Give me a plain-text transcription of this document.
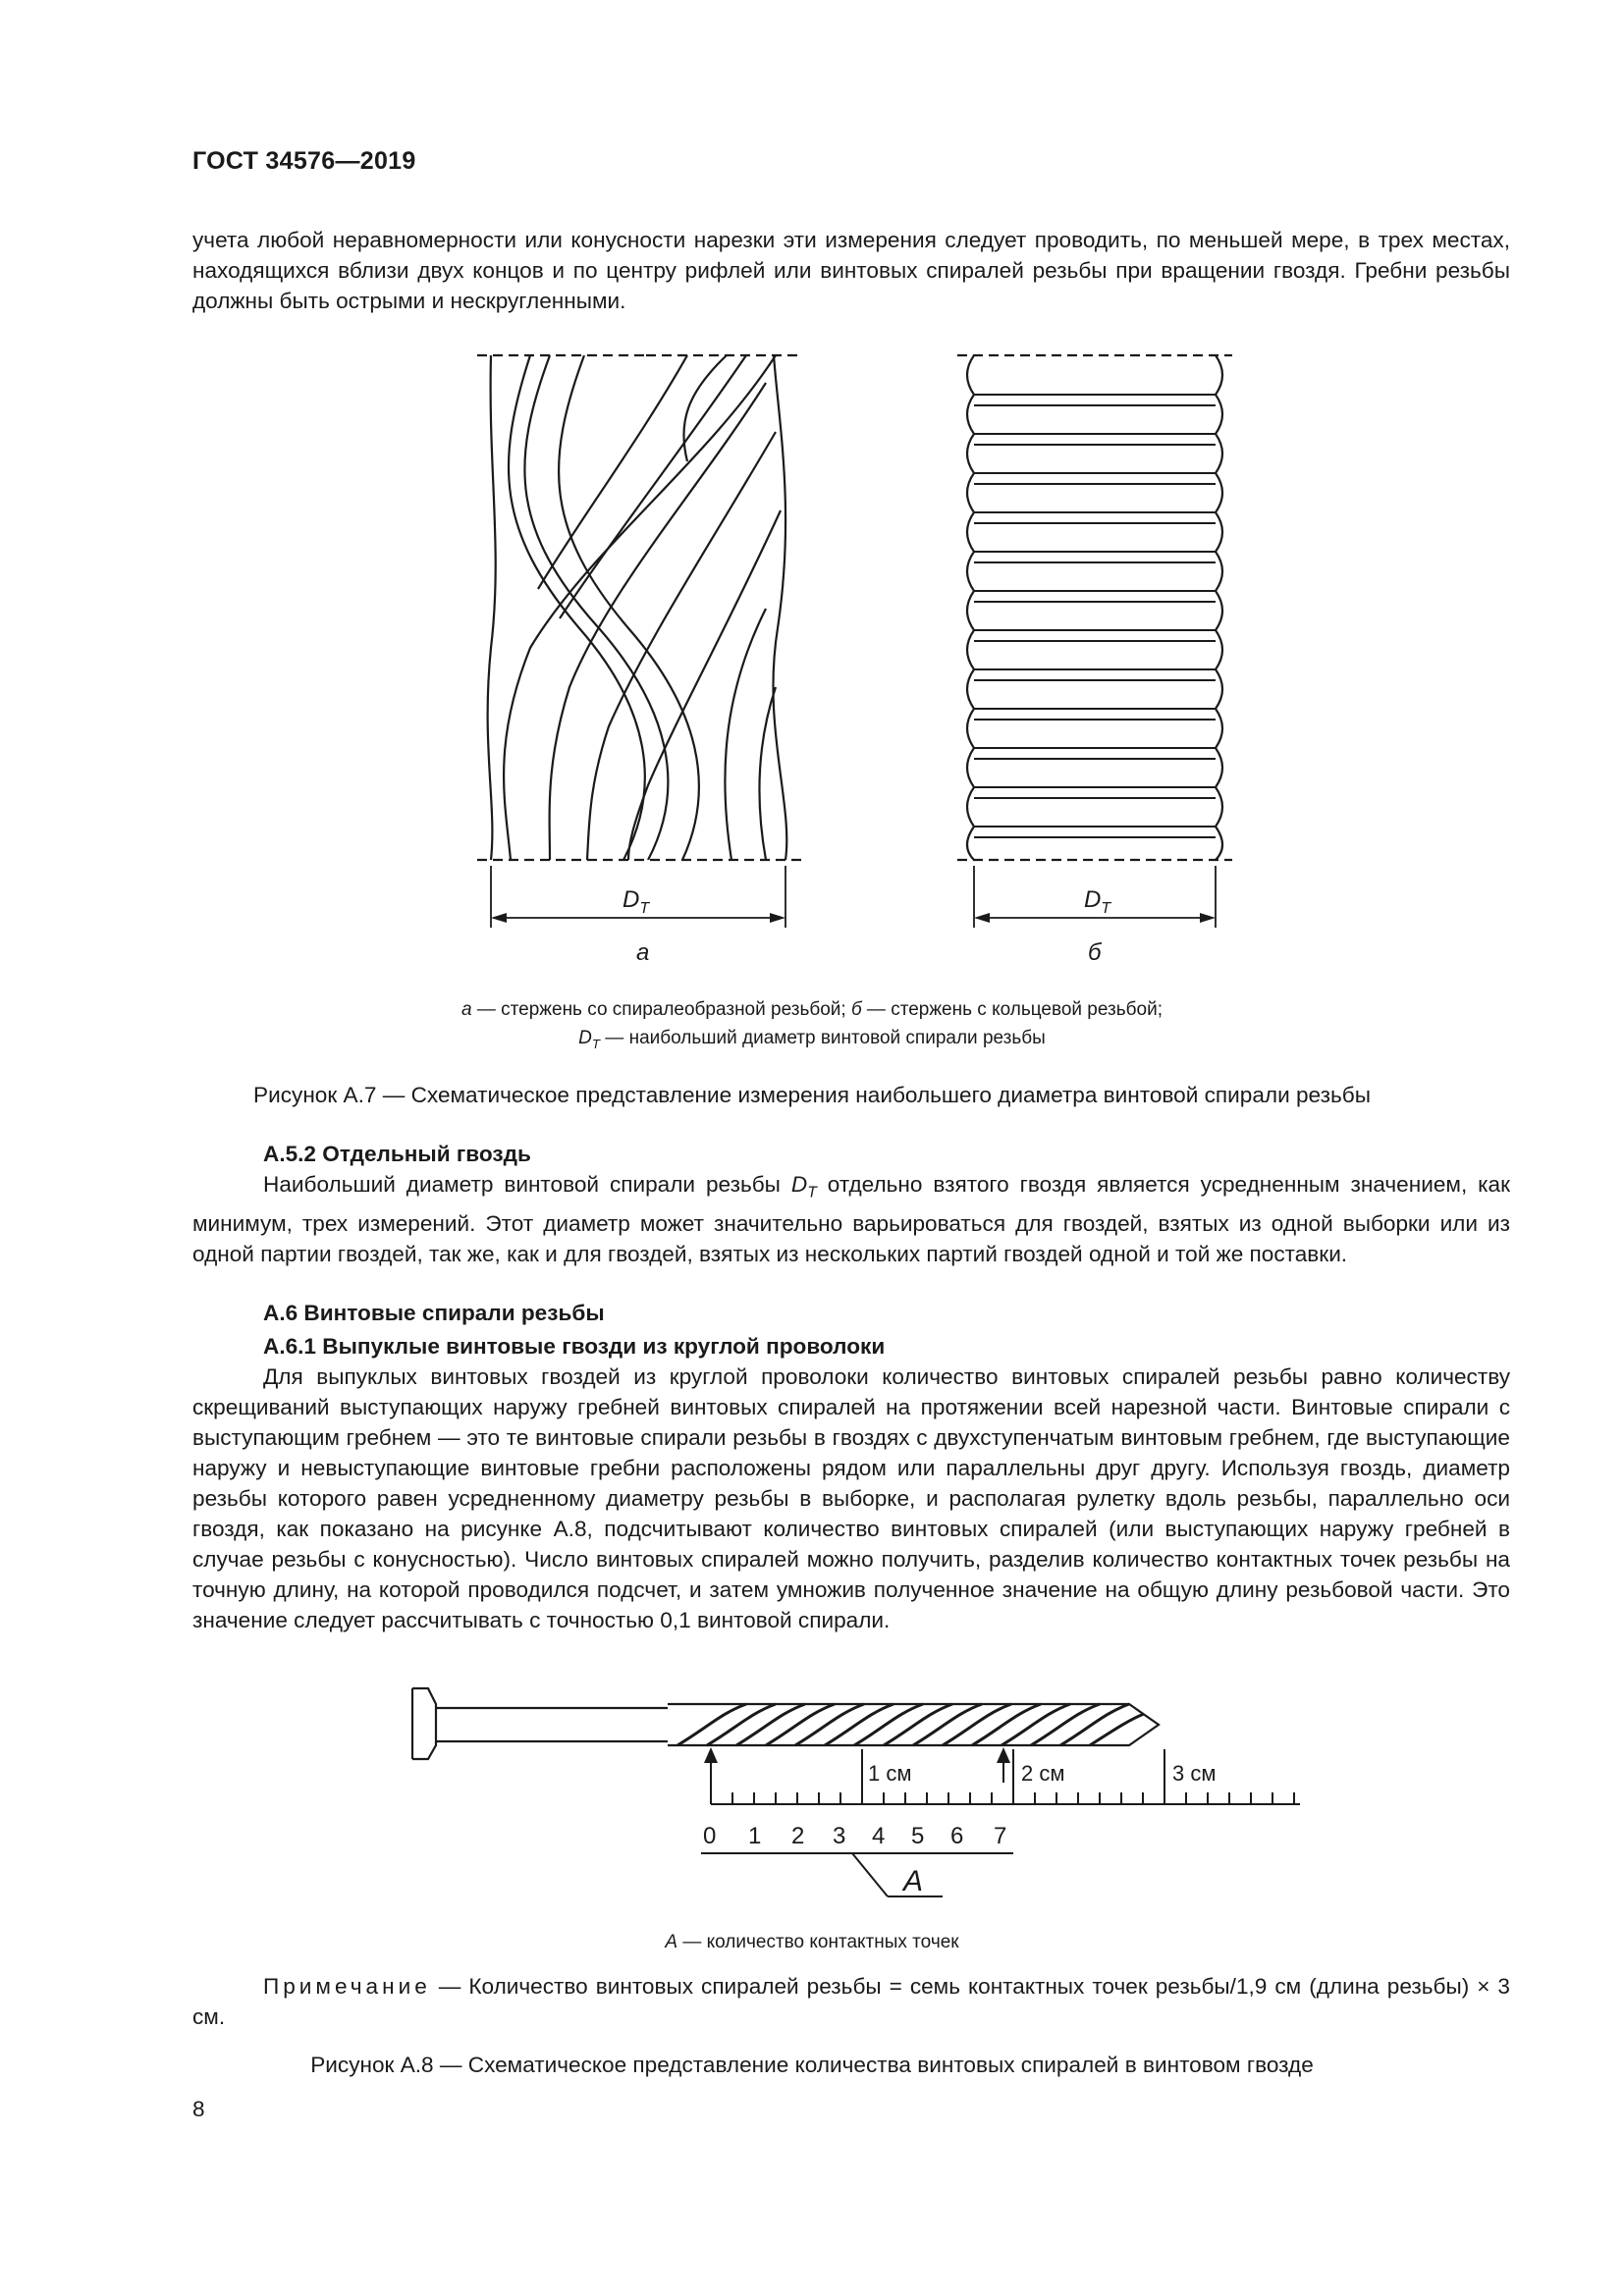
ГОСТ 34576—2019
учета любой неравномерности или конусности нарезки эти измерения следует проводить, по меньшей мере, в трех местах, находящихся вблизи двух концов и по центру рифлей или винтовых спиралей резьбы при вращении гвоздя. Гребни резьбы должны быть острыми и нескругленными.
$D_T$	$D_T$
а	б
а — стержень со спиралеобразной резьбой; б — стержень с кольцевой резьбой;
$D_T$ — наибольший диаметр винтовой спирали резьбы
Рисунок А.7 — Схематическое представление измерения наибольшего диаметра винтовой спирали резьбы
А.5.2 Отдельный гвоздь
Наибольший диаметр винтовой спирали резьбы $D_T$ отдельно взятого гвоздя является усредненным значением, как минимум, трех измерений. Этот диаметр может значительно варьироваться для гвоздей, взятых из одной выборки или из одной партии гвоздей, так же, как и для гвоздей, взятых из нескольких партий гвоздей одной и той же поставки.
А.6 Винтовые спирали резьбы
А.6.1 Выпуклые винтовые гвозди из круглой проволоки
Для выпуклых винтовых гвоздей из круглой проволоки количество винтовых спиралей резьбы равно количеству скрещиваний выступающих наружу гребней винтовых спиралей на протяжении всей нарезной части. Винтовые спирали с выступающим гребнем — это те винтовые спирали резьбы в гвоздях с двухступенчатым винтовым гребнем, где выступающие наружу и невыступающие винтовые гребни расположены рядом или параллельны друг другу. Используя гвоздь, диаметр резьбы которого равен усредненному диаметру резьбы в выборке, и располагая рулетку вдоль резьбы, параллельно оси гвоздя, как показано на рисунке А.8, подсчитывают количество винтовых спиралей (или выступающих наружу гребней в случае резьбы с конусностью). Число винтовых спиралей можно получить, разделив количество контактных точек резьбы на точную длину, на которой проводился подсчет, и затем умножив полученное значение на общую длину резьбовой части. Это значение следует рассчитывать с точностью 0,1 винтовой спирали.
1 см	2 см	3 см
0 1 2 3 4 5 6 7
А
А — количество контактных точек
Примечание — Количество винтовых спиралей резьбы = семь контактных точек резьбы/1,9 см (длина резьбы) × 3 см.
Рисунок А.8 — Схематическое представление количества винтовых спиралей в винтовом гвозде
8
